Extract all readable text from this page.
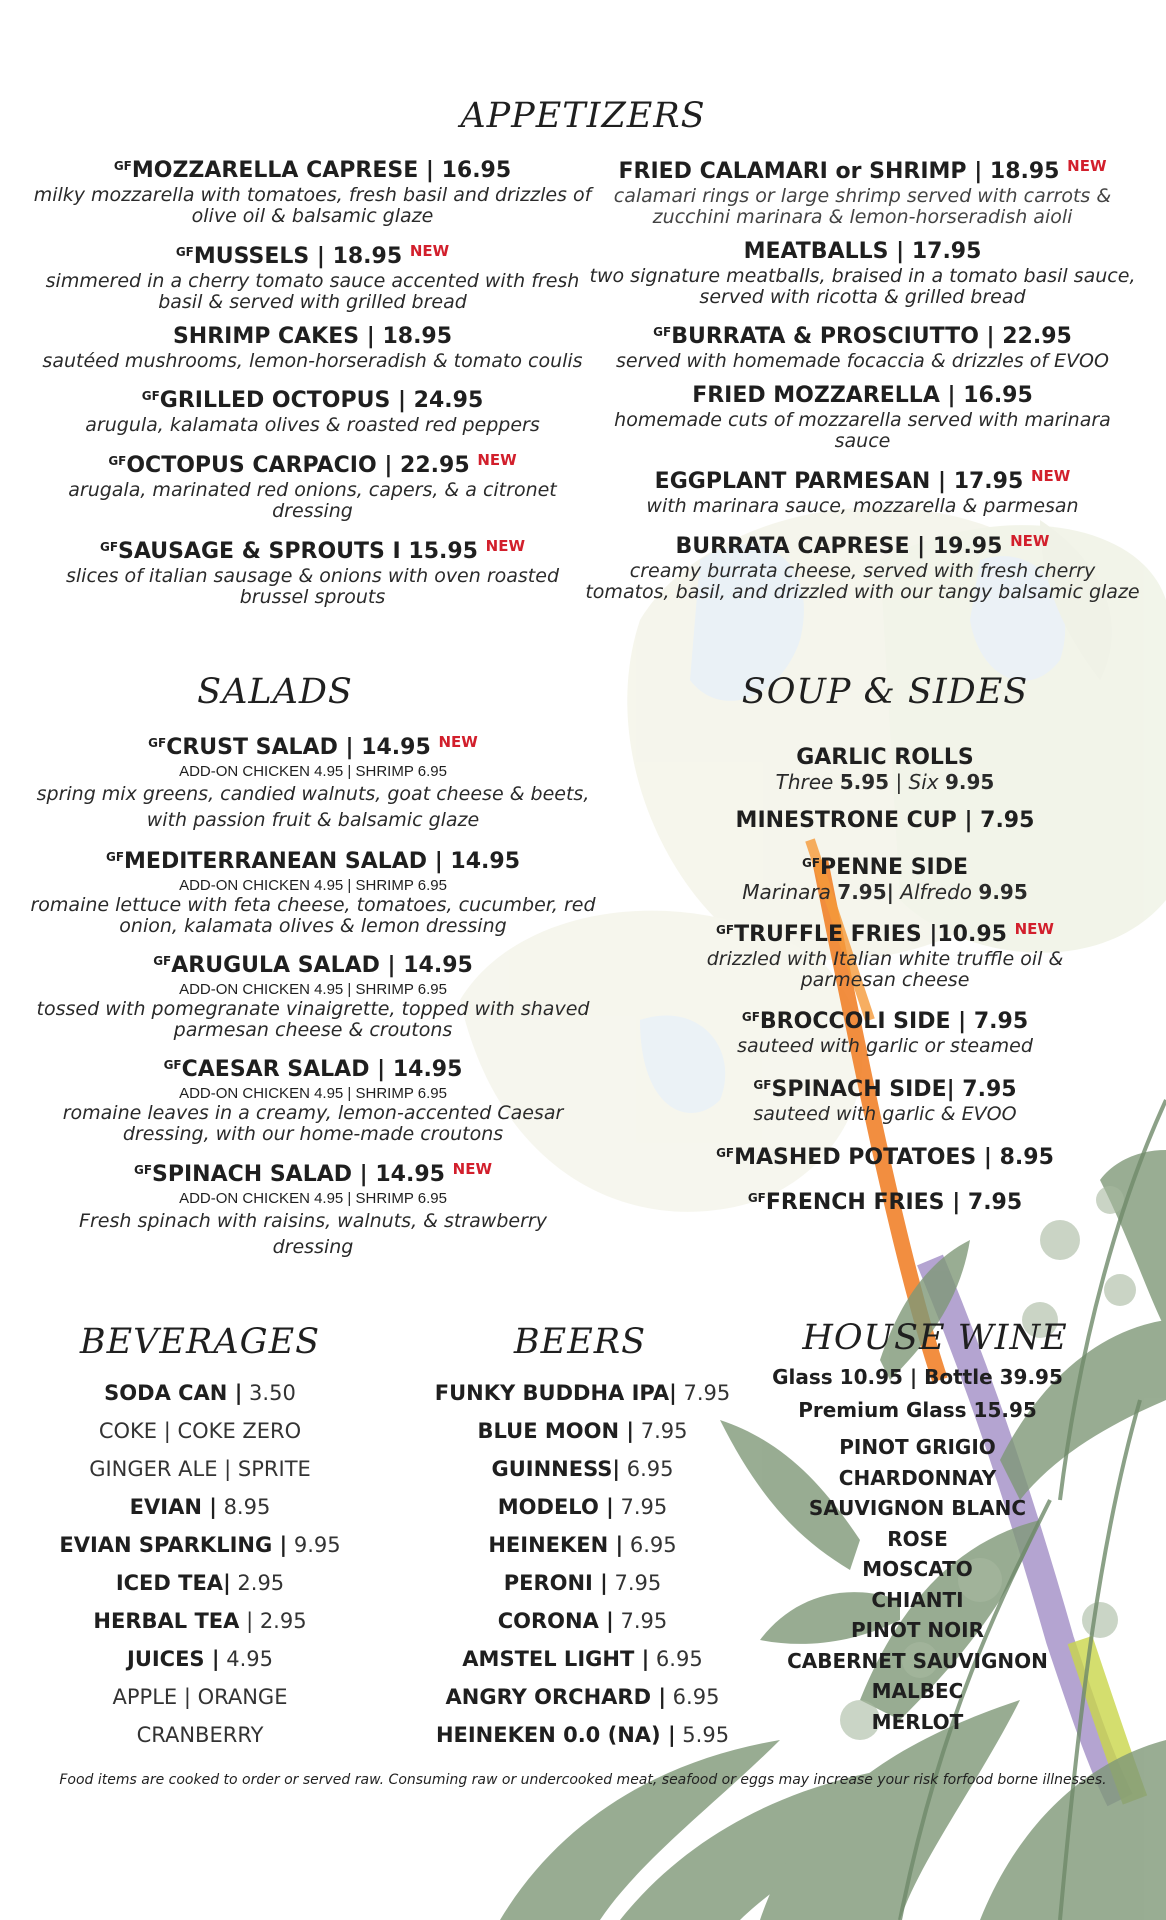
APPETIZERS
$^{GF}$MOZZARELLA CAPRESE | 16.95
milky mozzarella with tomatoes, fresh basil and drizzles of olive oil & balsamic glaze
$^{GF}$MUSSELS | 18.95 $^{NEW}$
simmered in a cherry tomato sauce accented with fresh basil & served with grilled bread
SHRIMP CAKES | 18.95
sautéed mushrooms, lemon-horseradish & tomato coulis
$^{GF}$GRILLED OCTOPUS | 24.95
arugula, kalamata olives & roasted red peppers
$^{GF}$OCTOPUS CARPACIO | 22.95 $^{NEW}$
arugala, marinated red onions, capers, & a citronet dressing
$^{GF}$SAUSAGE & SPROUTS I 15.95 $^{NEW}$
slices of italian sausage & onions with oven roasted brussel sprouts
FRIED CALAMARI or SHRIMP | 18.95 $^{NEW}$
calamari rings or large shrimp served with carrots & zucchini marinara & lemon-horseradish aioli
MEATBALLS | 17.95
two signature meatballs, braised in a tomato basil sauce, served with ricotta & grilled bread
$^{GF}$BURRATA & PROSCIUTTO | 22.95
served with homemade focaccia & drizzles of EVOO
FRIED MOZZARELLA | 16.95
homemade cuts of mozzarella served with marinara sauce
EGGPLANT PARMESAN | 17.95 $^{NEW}$
with marinara sauce, mozzarella & parmesan
BURRATA CAPRESE | 19.95 $^{NEW}$
creamy burrata cheese, served with fresh cherry tomatos, basil, and drizzled with our tangy balsamic glaze
SALADS
$^{GF}$CRUST SALAD | 14.95 $^{NEW}$
ADD-ON CHICKEN 4.95 | SHRIMP 6.95
spring mix greens, candied walnuts, goat cheese & beets, with passion fruit & balsamic glaze
$^{GF}$MEDITERRANEAN SALAD | 14.95
ADD-ON CHICKEN 4.95 | SHRIMP 6.95
romaine lettuce with feta cheese, tomatoes, cucumber, red onion, kalamata olives & lemon dressing
$^{GF}$ARUGULA SALAD | 14.95
ADD-ON CHICKEN 4.95 | SHRIMP 6.95
tossed with pomegranate vinaigrette, topped with shaved parmesan cheese & croutons
$^{GF}$CAESAR SALAD | 14.95
ADD-ON CHICKEN 4.95 | SHRIMP 6.95
romaine leaves in a creamy, lemon-accented Caesar dressing, with our home-made croutons
$^{GF}$SPINACH SALAD | 14.95 $^{NEW}$
ADD-ON CHICKEN 4.95 | SHRIMP 6.95
Fresh spinach with raisins, walnuts, & strawberry dressing
SOUP & SIDES
GARLIC ROLLS
Three 5.95 | Six 9.95
MINESTRONE CUP | 7.95
$^{GF}$PENNE SIDE
Marinara 7.95| Alfredo 9.95
$^{GF}$TRUFFLE FRIES |10.95 $^{NEW}$
drizzled with Italian white truffle oil & parmesan cheese
$^{GF}$BROCCOLI SIDE | 7.95
sauteed with garlic or steamed
$^{GF}$SPINACH SIDE| 7.95
sauteed with garlic & EVOO
$^{GF}$MASHED POTATOES | 8.95
$^{GF}$FRENCH FRIES | 7.95
BEVERAGES
SODA CAN | 3.50
COKE | COKE ZERO
GINGER ALE | SPRITE
EVIAN | 8.95
EVIAN SPARKLING | 9.95
ICED TEA| 2.95
HERBAL TEA | 2.95
JUICES | 4.95
APPLE | ORANGE
CRANBERRY
BEERS
FUNKY BUDDHA IPA| 7.95
BLUE MOON | 7.95
GUINNESS| 6.95
MODELO | 7.95
HEINEKEN | 6.95
PERONI | 7.95
CORONA | 7.95
AMSTEL LIGHT | 6.95
ANGRY ORCHARD | 6.95
HEINEKEN 0.0 (NA) | 5.95
HOUSE WINE
Glass 10.95 | Bottle 39.95
Premium Glass 15.95
PINOT GRIGIO
CHARDONNAY
SAUVIGNON BLANC
ROSE
MOSCATO
CHIANTI
PINOT NOIR
CABERNET SAUVIGNON
MALBEC
MERLOT
Food items are cooked to order or served raw. Consuming raw or undercooked meat, seafood or eggs may increase your risk forfood borne illnesses.
